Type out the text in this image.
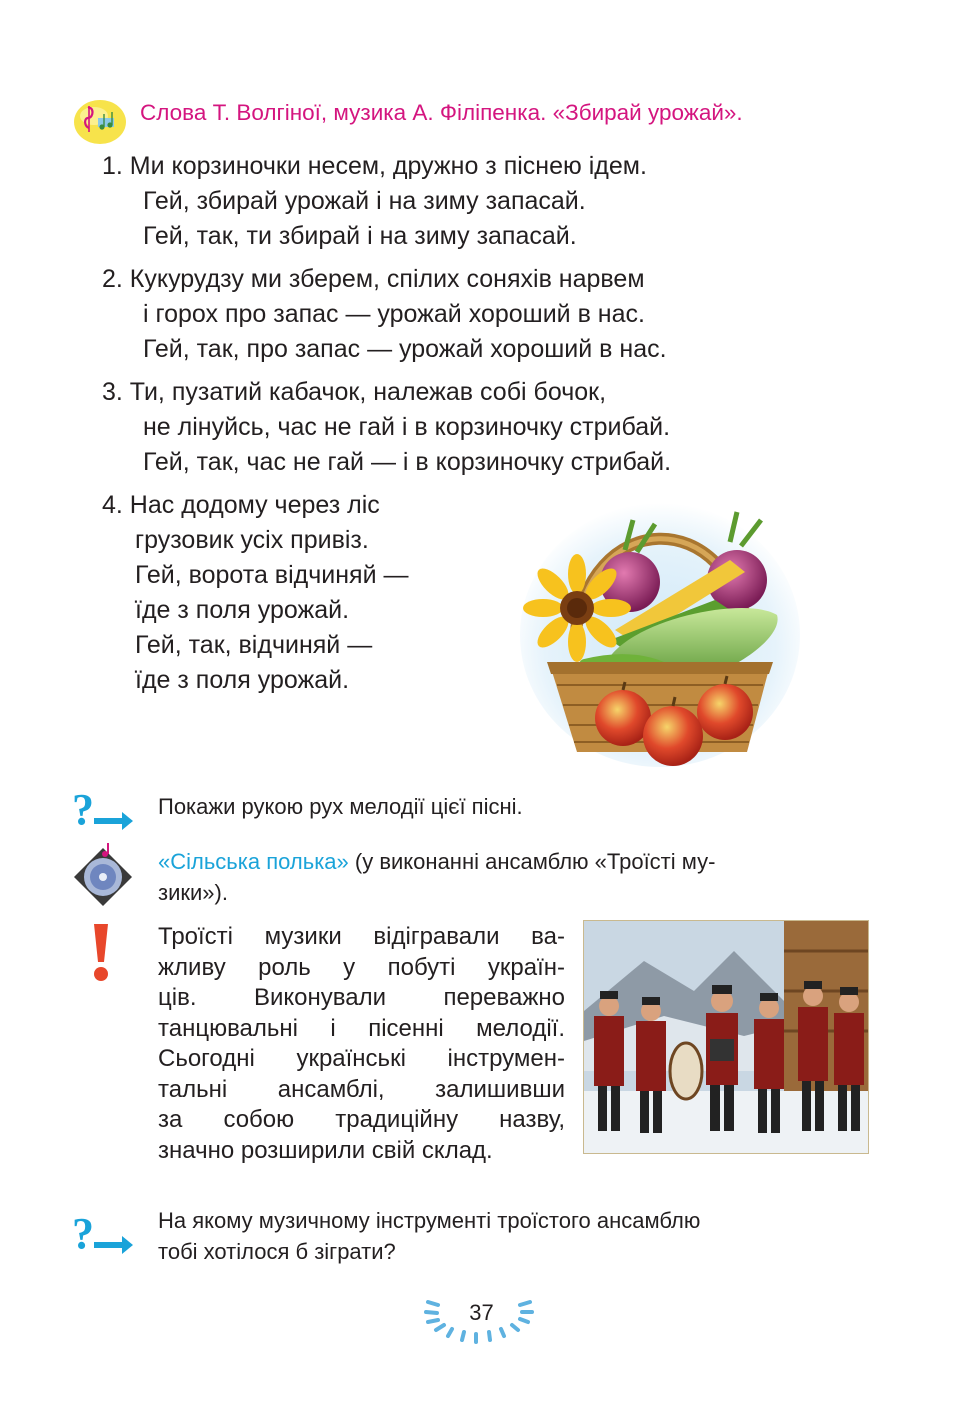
Слова Т. Волгіної, музика А. Філіпенка. «Збирай урожай».
1. Ми корзиночки несем, дружно з піснею ідем.
Гей, збирай урожай і на зиму запасай.
Гей, так, ти збирай і на зиму запасай.
2. Кукурудзу ми зберем, спілих соняхів нарвем
і горох про запас — урожай хороший в нас.
Гей, так, про запас — урожай хороший в нас.
3. Ти, пузатий кабачок, належав собі бочок,
не лінуйсь, час не гай і в корзиночку стрибай.
Гей, так, час не гай — і в корзиночку стрибай.
4. Нас додому через ліс
грузовик усіх привіз.
Гей, ворота відчиняй —
їде з поля урожай.
Гей, так, відчиняй —
їде з поля урожай.
?	Покажи рукою рух мелодії цієї пісні.
«Сільська полька» (у виконанні ансамблю «Троїсті му-
зики»).
Троїсті музики відігравали ва-
жливу роль у побуті україн-
ців. Виконували переважно
танцювальні і пісенні мелодії.
Сьогодні українські інструмен-
тальні ансамблі, залишивши
за собою традиційну назву,
значно розширили свій склад.
?	На якому музичному інструменті троїстого ансамблю
тобі хотілося б зіграти?
37
